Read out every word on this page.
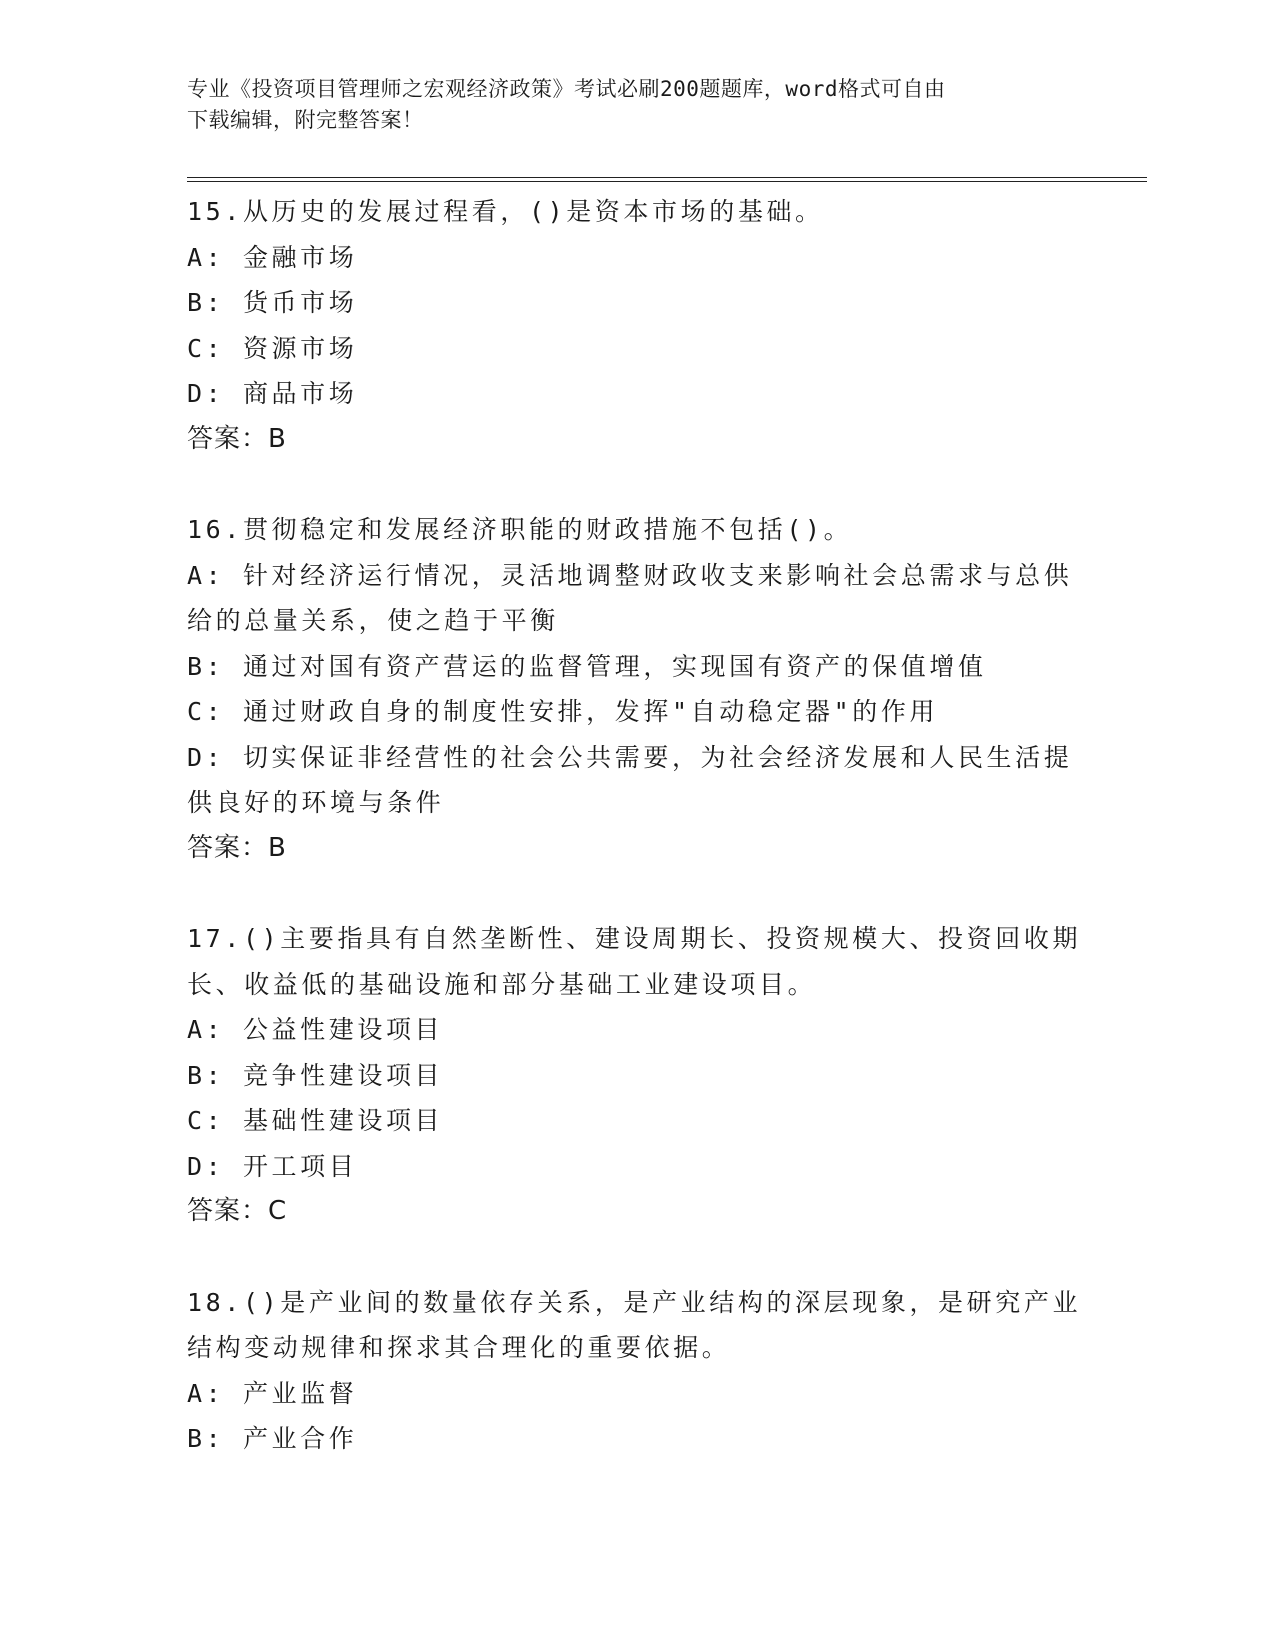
专业《投资项目管理师之宏观经济政策》考试必刷200题题库，word格式可自由
下载编辑，附完整答案！
15.从历史的发展过程看，()是资本市场的基础。
A: 金融市场
B: 货币市场
C: 资源市场
D: 商品市场
答案：B
16.贯彻稳定和发展经济职能的财政措施不包括()。
A: 针对经济运行情况，灵活地调整财政收支来影响社会总需求与总供
给的总量关系，使之趋于平衡
B: 通过对国有资产营运的监督管理，实现国有资产的保值增值
C: 通过财政自身的制度性安排，发挥"自动稳定器"的作用
D: 切实保证非经营性的社会公共需要，为社会经济发展和人民生活提
供良好的环境与条件
答案：B
17.()主要指具有自然垄断性、建设周期长、投资规模大、投资回收期
长、收益低的基础设施和部分基础工业建设项目。
A: 公益性建设项目
B: 竞争性建设项目
C: 基础性建设项目
D: 开工项目
答案：C
18.()是产业间的数量依存关系，是产业结构的深层现象，是研究产业
结构变动规律和探求其合理化的重要依据。
A: 产业监督
B: 产业合作
